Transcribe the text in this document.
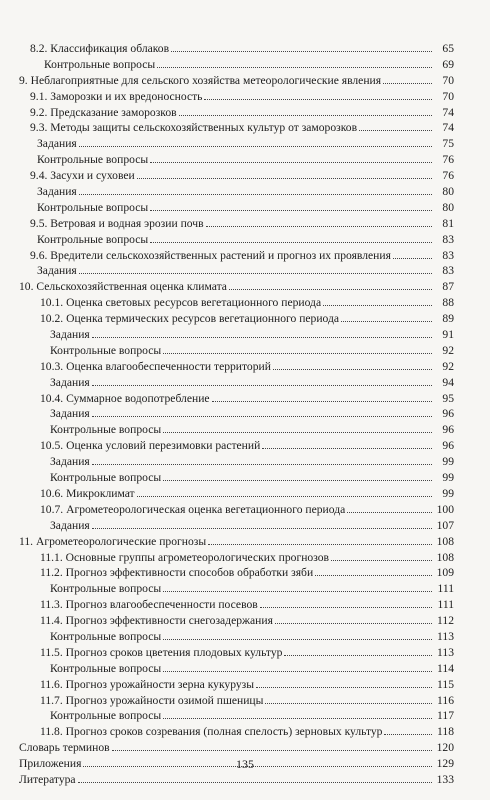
8.2. Классификация облаков	65
Контрольные вопросы	69
9. Неблагоприятные для сельского хозяйства метеорологические явления	70
9.1. Заморозки и их вредоносность	70
9.2. Предсказание заморозков	74
9.3. Методы защиты сельскохозяйственных культур от заморозков	74
Задания	75
Контрольные вопросы	76
9.4. Засухи и суховеи	76
Задания	80
Контрольные вопросы	80
9.5. Ветровая и водная эрозии почв	81
Контрольные вопросы	83
9.6. Вредители сельскохозяйственных растений и прогноз их проявления	83
Задания	83
10. Сельскохозяйственная оценка климата	87
10.1. Оценка световых ресурсов вегетационного периода	88
10.2. Оценка термических ресурсов вегетационного периода	89
Задания	91
Контрольные вопросы	92
10.3. Оценка влагообеспеченности территорий	92
Задания	94
10.4. Суммарное водопотребление	95
Задания	96
Контрольные вопросы	96
10.5. Оценка условий перезимовки растений	96
Задания	99
Контрольные вопросы	99
10.6. Микроклимат	99
10.7. Агрометеорологическая оценка вегетационного периода	100
Задания	107
11. Агрометеорологические прогнозы	108
11.1. Основные группы агрометеорологических прогнозов	108
11.2. Прогноз эффективности способов обработки зяби	109
Контрольные вопросы	111
11.3. Прогноз влагообеспеченности посевов	111
11.4. Прогноз эффективности снегозадержания	112
Контрольные вопросы	113
11.5. Прогноз сроков цветения плодовых культур	113
Контрольные вопросы	114
11.6. Прогноз урожайности зерна кукурузы	115
11.7. Прогноз урожайности озимой пшеницы	116
Контрольные вопросы	117
11.8. Прогноз сроков созревания (полная спелость) зерновых культур	118
Словарь терминов	120
Приложения	129
Литература	133
135
